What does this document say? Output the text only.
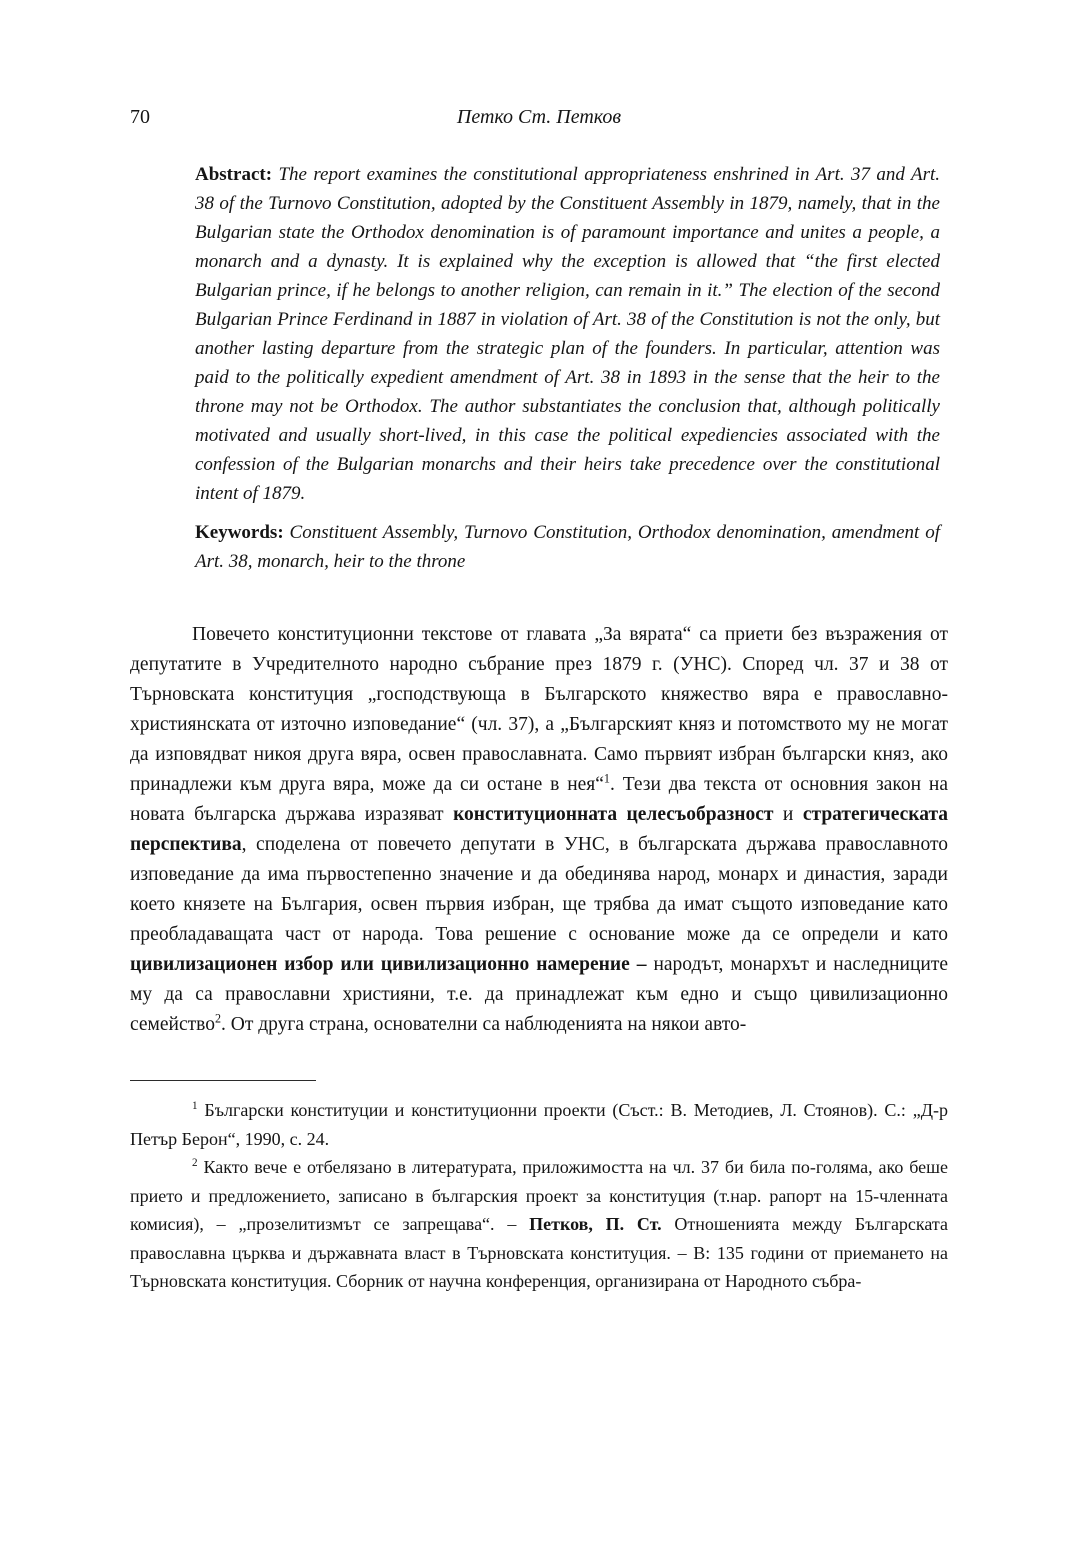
70	Петко Ст. Петков

Abstract: The report examines the constitutional appropriateness enshrined in Art. 37 and Art. 38 of the Turnovo Constitution, adopted by the Constituent Assembly in 1879, namely, that in the Bulgarian state the Orthodox denomination is of paramount importance and unites a people, a monarch and a dynasty. It is explained why the exception is allowed that “the first elected Bulgarian prince, if he belongs to another religion, can remain in it.” The election of the second Bulgarian Prince Ferdinand in 1887 in violation of Art. 38 of the Constitution is not the only, but another lasting departure from the strategic plan of the founders. In particular, attention was paid to the politically expedient amendment of Art. 38 in 1893 in the sense that the heir to the throne may not be Orthodox. The author substantiates the conclusion that, although politically motivated and usually short-lived, in this case the political expediencies associated with the confession of the Bulgarian monarchs and their heirs take precedence over the constitutional intent of 1879.

Keywords: Constituent Assembly, Turnovo Constitution, Orthodox denomination, amendment of Art. 38, monarch, heir to the throne

Повечето конституционни текстове от главата „За вярата“ са приети без възражения от депутатите в Учредителното народно събрание през 1879 г. (УНС). Според чл. 37 и 38 от Търновската конституция „господствующа в Българското княжество вяра е православно-християнската от източно изповедание“ (чл. 37), а „Българският княз и потомството му не могат да изповядват никоя друга вяра, освен православната. Само първият избран български княз, ако принадлежи към друга вяра, може да си остане в нея“$^1$. Тези два текста от основния закон на новата българска държава изразяват конституционната целесъобразност и стратегическата перспектива, споделена от повечето депутати в УНС, в българската държава православното изповедание да има първостепенно значение и да обединява народ, монарх и династия, заради което князете на България, освен първия избран, ще трябва да имат същото изповедание като преобладаващата част от народа. Това решение с основание може да се определи и като цивилизационен избор или цивилизационно намерение – народът, монархът и наследниците му да са православни християни, т.е. да принадлежат към едно и също цивилизационно семейство$^2$. От друга страна, основателни са наблюденията на някои авто-

$^1$ Български конституции и конституционни проекти (Съст.: В. Методиев, Л. Стоянов). С.: „Д-р Петър Берон“, 1990, с. 24.

$^2$ Както вече е отбелязано в литературата, приложимостта на чл. 37 би била по-голяма, ако беше прието и предложението, записано в българския проект за конституция (т.нар. рапорт на 15-членната комисия), – „прозелитизмът се запрещава“. – Петков, П. Ст. Отношенията между Българската православна църква и държавната власт в Търновската конституция. – В: 135 години от приемането на Търновската конституция. Сборник от научна конференция, организирана от Народното събра-
